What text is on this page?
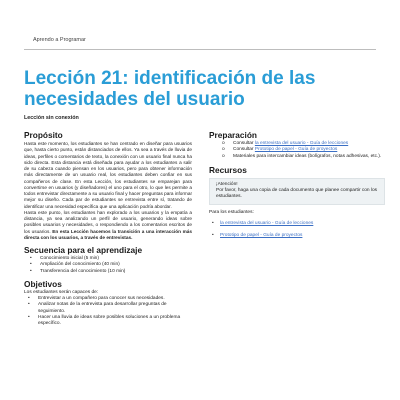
Aprendo a Programar
Lección 21: identificación de las necesidades del usuario
Lección sin conexión
Propósito

Hasta este momento, los estudiantes se han centrado en diseñar para usuarios que, hasta cierto punto, están distanciados de ellos. Ya sea a través de lluvia de ideas, perfiles o comentarios de texto, la conexión con un usuario final nunca ha sido directa. Esta distancia está diseñada para ayudar a los estudiantes a salir de su cabeza cuando piensan en los usuarios, pero para obtener información más directamente de un usuario real, los estudiantes deben confiar en sus compañeros de clase. En esta Lección, los estudiantes se emparejan para convertirse en usuarios (y diseñadores) el uno para el otro, lo que les permite a todos entrevistar directamente a su usuario final y hacer preguntas para informar mejor su diseño. Cada par de estudiantes se entrevista entre sí, tratando de identificar una necesidad específica que una aplicación podría abordar.

Hasta este punto, los estudiantes han explorado a los usuarios y la empatía a distancia, ya sea analizando un perfil de usuario, generando ideas sobre posibles usuarios y necesidades, o respondiendo a los comentarios escritos de los usuarios. En esta Lección hacemos la transición a una interacción más directa con los usuarios, a través de entrevistas.

Secuencia para el aprendizaje
• Conocimiento inicial (5 min)
• Ampliación del conocimiento (40 min)
• Transferencia del conocimiento (10 min)
Objetivos
Los estudiantes serán capaces de:
• Entrevistar a un compañero para conocer sus necesidades.
• Analizar notas de la entrevista para desarrollar preguntas de seguimiento.
• Hacer una lluvia de ideas sobre posibles soluciones a un problema específico.
Preparación
o Consultar la entrevista del usuario - Guía de lecciones
o Consultar Prototipo de papel - Guía de proyectos
o Materiales para intercambiar ideas (bolígrafos, notas adhesivas, etc.).
Recursos
¡Atención!
Por favor, haga una copia de cada documento que planee compartir con los estudiantes.
Para los estudiantes:
• la entrevista del usuario - Guía de lecciones
• Prototipo de papel - Guía de proyectos
